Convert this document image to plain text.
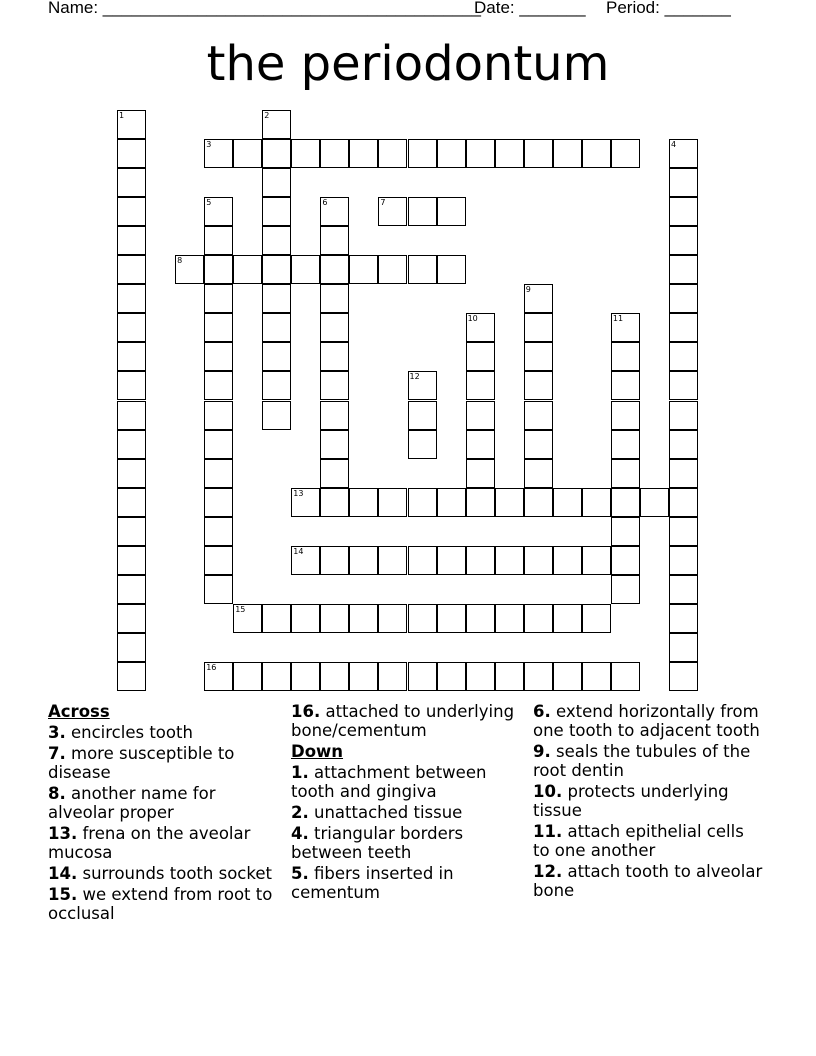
Name: ________________________________________
Date: _______ Period: _______
the periodontum
1	2
3	4
5	6	7
8
9
10	11
12
13
14
15
16
Across
3. encircles tooth
7. more susceptible to disease
8. another name for alveolar proper
13. frena on the aveolar mucosa
14. surrounds tooth socket
15. we extend from root to occlusal
16. attached to underlying bone/cementum
Down
1. attachment between tooth and gingiva
2. unattached tissue
4. triangular borders between teeth
5. fibers inserted in cementum
6. extend horizontally from one tooth to adjacent tooth
9. seals the tubules of the root dentin
10. protects underlying tissue
11. attach epithelial cells to one another
12. attach tooth to alveolar bone
